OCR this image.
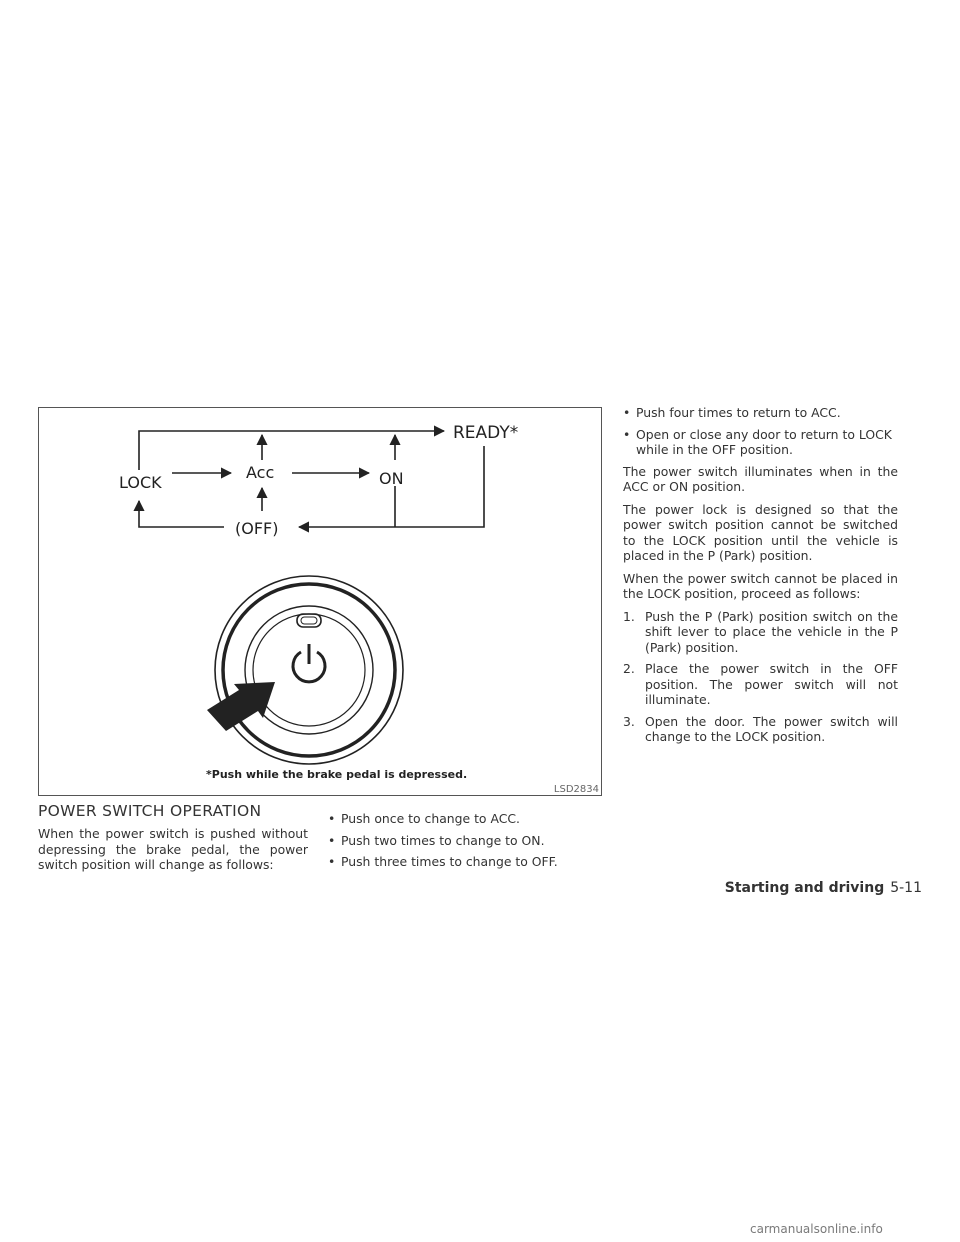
READY*
LOCK
Acc	ON
(OFF)
*Push while the brake pedal is depressed.
LSD2834
POWER SWITCH OPERATION

When the power switch is pushed without depressing the brake pedal, the power switch position will change as follows:

• Push once to change to ACC.
• Push two times to change to ON.
• Push three times to change to OFF.
• Push four times to return to ACC.
• Open or close any door to return to LOCK while in the OFF position.

The power switch illuminates when in the ACC or ON position.

The power lock is designed so that the power switch position cannot be switched to the LOCK position until the vehicle is placed in the P (Park) position.

When the power switch cannot be placed in the LOCK position, proceed as follows:

1. Push the P (Park) position switch on the shift lever to place the vehicle in the P (Park) position.
2. Place the power switch in the OFF position. The power switch will not illuminate.
3. Open the door. The power switch will change to the LOCK position.
Starting and driving 5-11
carmanualsonline.info
